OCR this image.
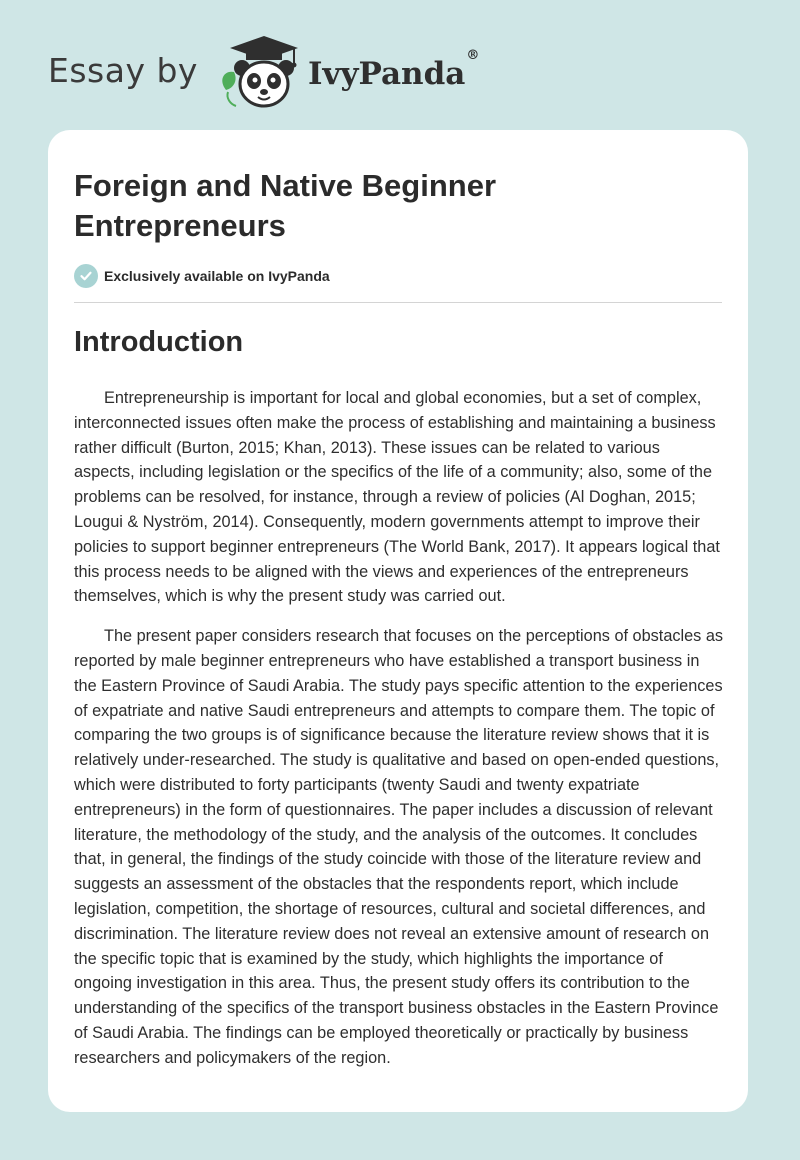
Essay by	IvyPanda®
Foreign and Native Beginner Entrepreneurs
Exclusively available on IvyPanda
Introduction

Entrepreneurship is important for local and global economies, but a set of complex, interconnected issues often make the process of establishing and maintaining a business rather difficult (Burton, 2015; Khan, 2013). These issues can be related to various aspects, including legislation or the specifics of the life of a community; also, some of the problems can be resolved, for instance, through a review of policies (Al Doghan, 2015; Lougui & Nyström, 2014). Consequently, modern governments attempt to improve their policies to support beginner entrepreneurs (The World Bank, 2017). It appears logical that this process needs to be aligned with the views and experiences of the entrepreneurs themselves, which is why the present study was carried out.

The present paper considers research that focuses on the perceptions of obstacles as reported by male beginner entrepreneurs who have established a transport business in the Eastern Province of Saudi Arabia. The study pays specific attention to the experiences of expatriate and native Saudi entrepreneurs and attempts to compare them. The topic of comparing the two groups is of significance because the literature review shows that it is relatively under-researched. The study is qualitative and based on open-ended questions, which were distributed to forty participants (twenty Saudi and twenty expatriate entrepreneurs) in the form of questionnaires. The paper includes a discussion of relevant literature, the methodology of the study, and the analysis of the outcomes. It concludes that, in general, the findings of the study coincide with those of the literature review and suggests an assessment of the obstacles that the respondents report, which include legislation, competition, the shortage of resources, cultural and societal differences, and discrimination. The literature review does not reveal an extensive amount of research on the specific topic that is examined by the study, which highlights the importance of ongoing investigation in this area. Thus, the present study offers its contribution to the understanding of the specifics of the transport business obstacles in the Eastern Province of Saudi Arabia. The findings can be employed theoretically or practically by business researchers and policymakers of the region.
